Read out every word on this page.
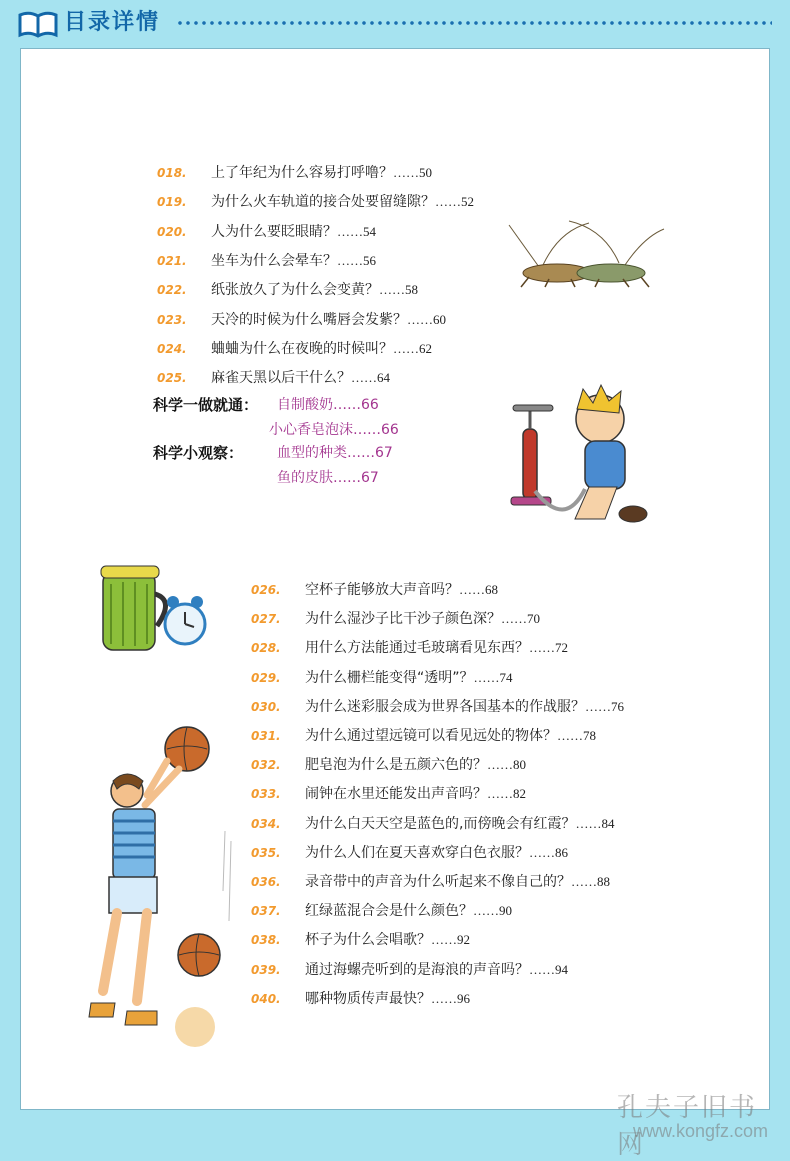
目录详情
018. 上了年纪为什么容易打呼噜？……50
019. 为什么火车轨道的接合处要留缝隙？……52
020. 人为什么要眨眼睛？……54
021. 坐车为什么会晕车？……56
022. 纸张放久了为什么会变黄？……58
023. 天冷的时候为什么嘴唇会发紫？……60
024. 蛐蛐为什么在夜晚的时候叫？……62
025. 麻雀天黑以后干什么？……64
科学一做就通： 自制酸奶……66
小心香皂泡沫……66
科学小观察： 血型的种类……67
鱼的皮肤……67
026. 空杯子能够放大声音吗？……68
027. 为什么湿沙子比干沙子颜色深？……70
028. 用什么方法能通过毛玻璃看见东西？……72
029. 为什么栅栏能变得“透明”？……74
030. 为什么迷彩服会成为世界各国基本的作战服？……76
031. 为什么通过望远镜可以看见远处的物体？……78
032. 肥皂泡为什么是五颜六色的？……80
033. 闹钟在水里还能发出声音吗？……82
034. 为什么白天天空是蓝色的,而傍晚会有红霞？……84
035. 为什么人们在夏天喜欢穿白色衣服？……86
036. 录音带中的声音为什么听起来不像自己的？……88
037. 红绿蓝混合会是什么颜色？……90
038. 杯子为什么会唱歌？……92
039. 通过海螺壳听到的是海浪的声音吗？……94
040. 哪种物质传声最快？……96
孔夫子旧书网
www.kongfz.com
